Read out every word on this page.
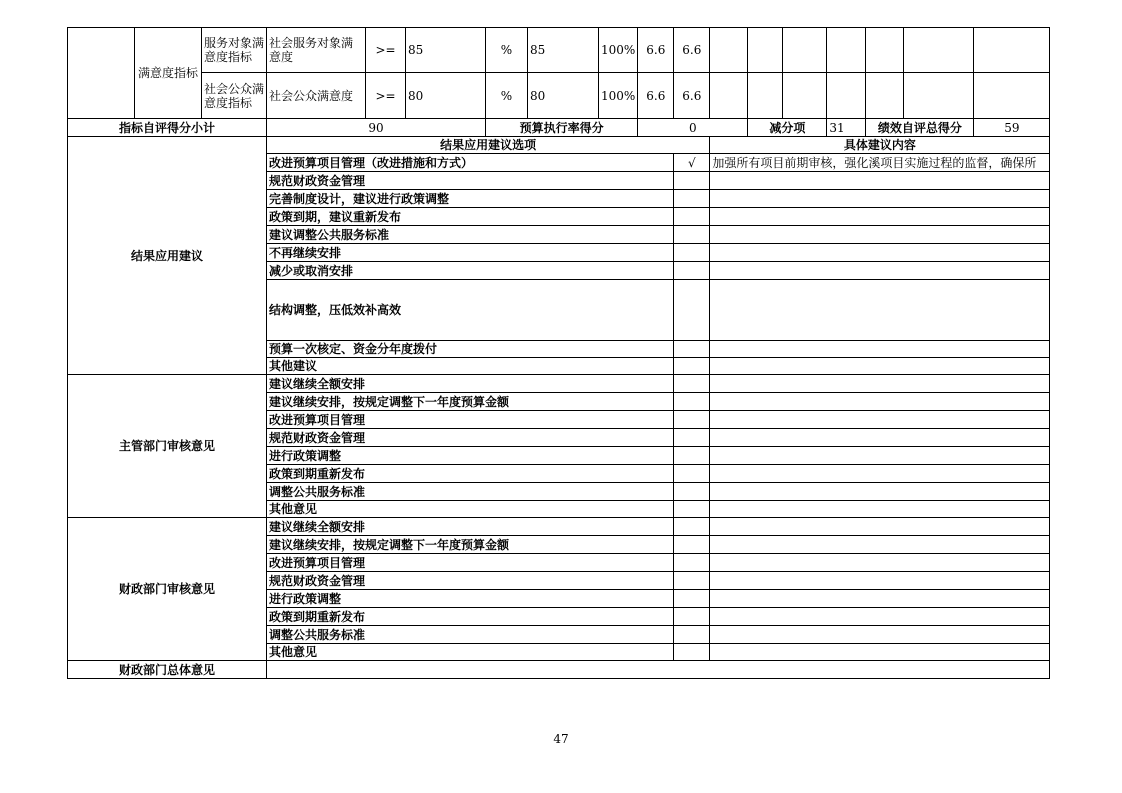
	满意度指标	服务对象满意度指标	社会服务对象满意度	>=	85	%	85	100%	6.6	6.6							
		社会公众满意度指标	社会公众满意度	>=	80	%	80	100%	6.6	6.6							
指标自评得分小计			90			预算执行率得分			0			减分项		31	绩效自评总得分		59
结果应用建议			结果应用建议选项								具体建议内容						
			改进预算项目管理（改进措施和方式）							√	加强所有项目前期审核，强化溪项目实施过程的监督，确保所						
			规范财政资金管理														
			完善制度设计，建议进行政策调整														
			政策到期，建议重新发布														
			建议调整公共服务标准														
			不再继续安排														
			减少或取消安排														
			结构调整，压低效补高效														
			预算一次核定、资金分年度拨付														
			其他建议														
主管部门审核意见			建议继续全额安排														
			建议继续安排，按规定调整下一年度预算金额														
			改进预算项目管理														
			规范财政资金管理														
			进行政策调整														
			政策到期重新发布														
			调整公共服务标准														
			其他意见														
财政部门审核意见			建议继续全额安排														
			建议继续安排，按规定调整下一年度预算金额														
			改进预算项目管理														
			规范财政资金管理														
			进行政策调整														
			政策到期重新发布														
			调整公共服务标准														
			其他意见														
财政部门总体意见																	
47
